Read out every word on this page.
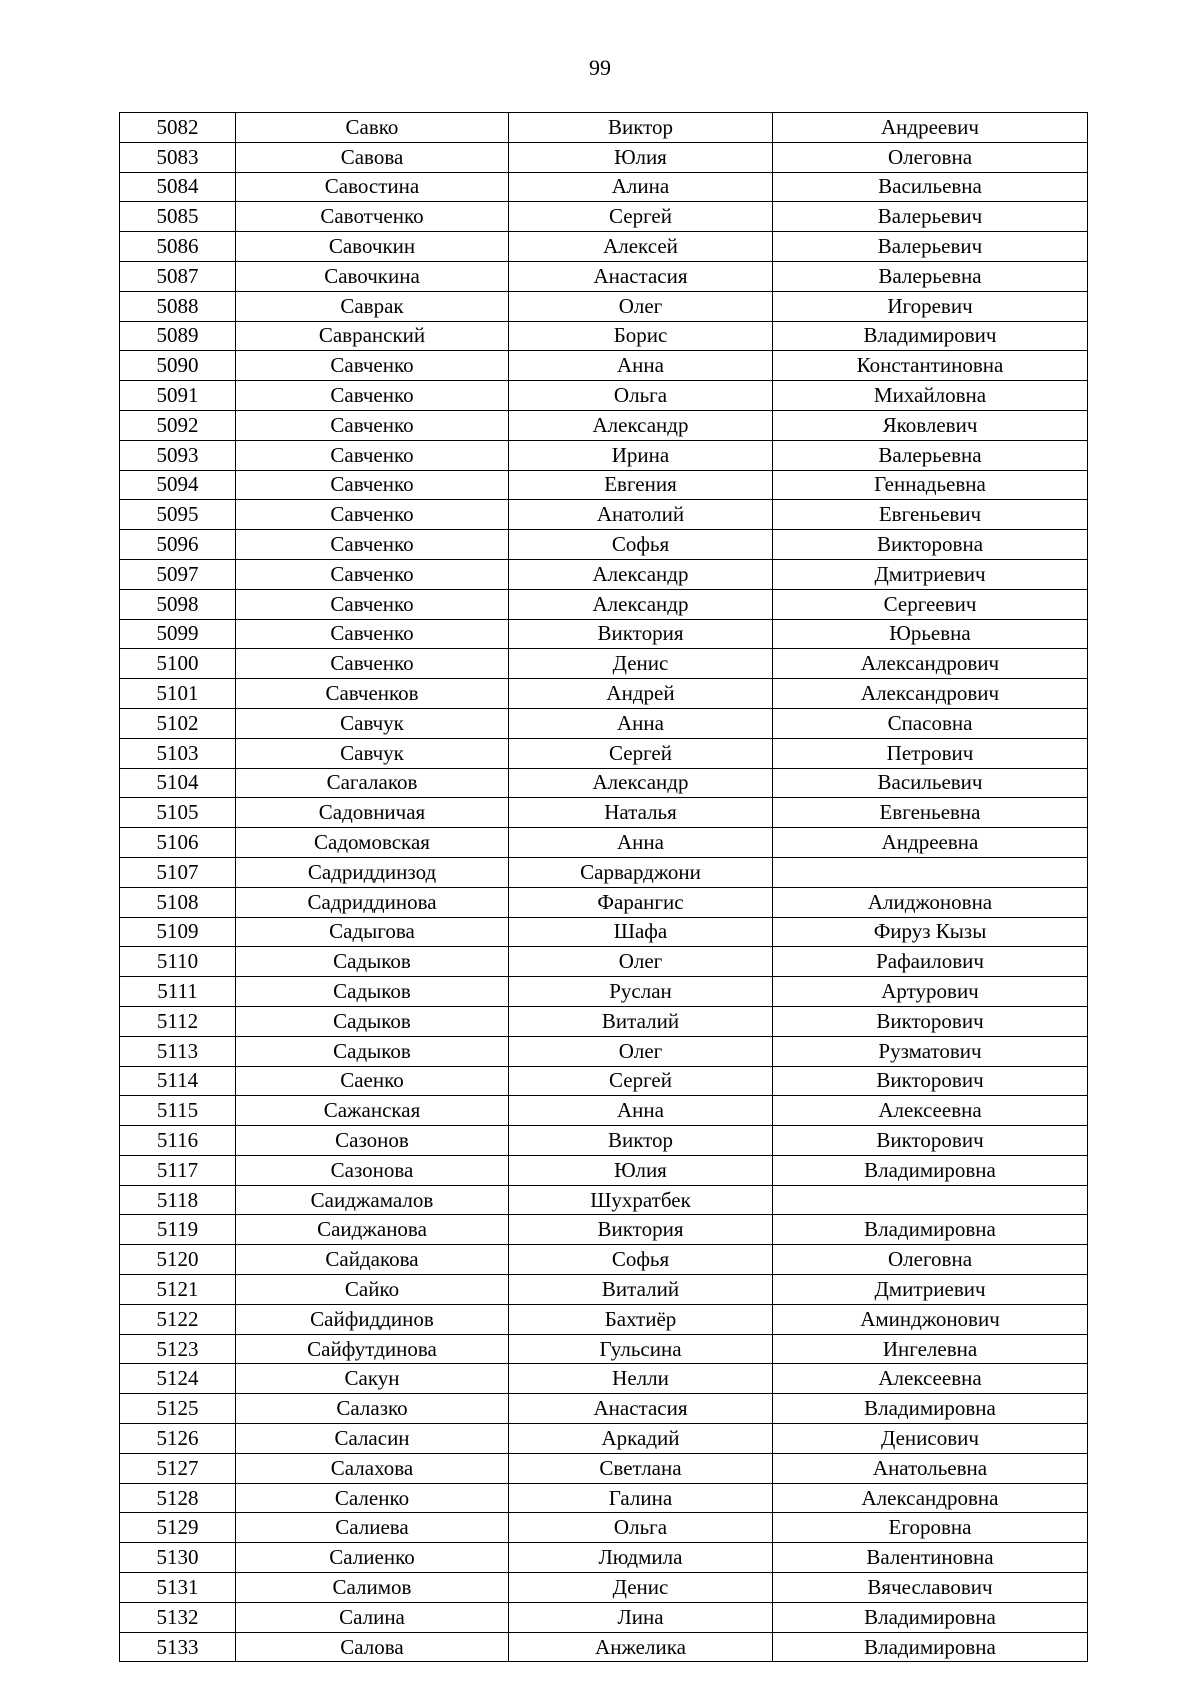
99
5082	Савко	Виктор	Андреевич
5083	Савова	Юлия	Олеговна
5084	Савостина	Алина	Васильевна
5085	Савотченко	Сергей	Валерьевич
5086	Савочкин	Алексей	Валерьевич
5087	Савочкина	Анастасия	Валерьевна
5088	Саврак	Олег	Игоревич
5089	Савранский	Борис	Владимирович
5090	Савченко	Анна	Константиновна
5091	Савченко	Ольга	Михайловна
5092	Савченко	Александр	Яковлевич
5093	Савченко	Ирина	Валерьевна
5094	Савченко	Евгения	Геннадьевна
5095	Савченко	Анатолий	Евгеньевич
5096	Савченко	Софья	Викторовна
5097	Савченко	Александр	Дмитриевич
5098	Савченко	Александр	Сергеевич
5099	Савченко	Виктория	Юрьевна
5100	Савченко	Денис	Александрович
5101	Савченков	Андрей	Александрович
5102	Савчук	Анна	Спасовна
5103	Савчук	Сергей	Петрович
5104	Сагалаков	Александр	Васильевич
5105	Садовничая	Наталья	Евгеньевна
5106	Садомовская	Анна	Андреевна
5107	Садриддинзод	Сарварджони	
5108	Садриддинова	Фарангис	Алиджоновна
5109	Садыгова	Шафа	Фируз Кызы
5110	Садыков	Олег	Рафаилович
5111	Садыков	Руслан	Артурович
5112	Садыков	Виталий	Викторович
5113	Садыков	Олег	Рузматович
5114	Саенко	Сергей	Викторович
5115	Сажанская	Анна	Алексеевна
5116	Сазонов	Виктор	Викторович
5117	Сазонова	Юлия	Владимировна
5118	Саиджамалов	Шухратбек	
5119	Саиджанова	Виктория	Владимировна
5120	Сайдакова	Софья	Олеговна
5121	Сайко	Виталий	Дмитриевич
5122	Сайфиддинов	Бахтиёр	Аминджонович
5123	Сайфутдинова	Гульсина	Ингелевна
5124	Сакун	Нелли	Алексеевна
5125	Салазко	Анастасия	Владимировна
5126	Саласин	Аркадий	Денисович
5127	Салахова	Светлана	Анатольевна
5128	Саленко	Галина	Александровна
5129	Салиева	Ольга	Егоровна
5130	Салиенко	Людмила	Валентиновна
5131	Салимов	Денис	Вячеславович
5132	Салина	Лина	Владимировна
5133	Салова	Анжелика	Владимировна
